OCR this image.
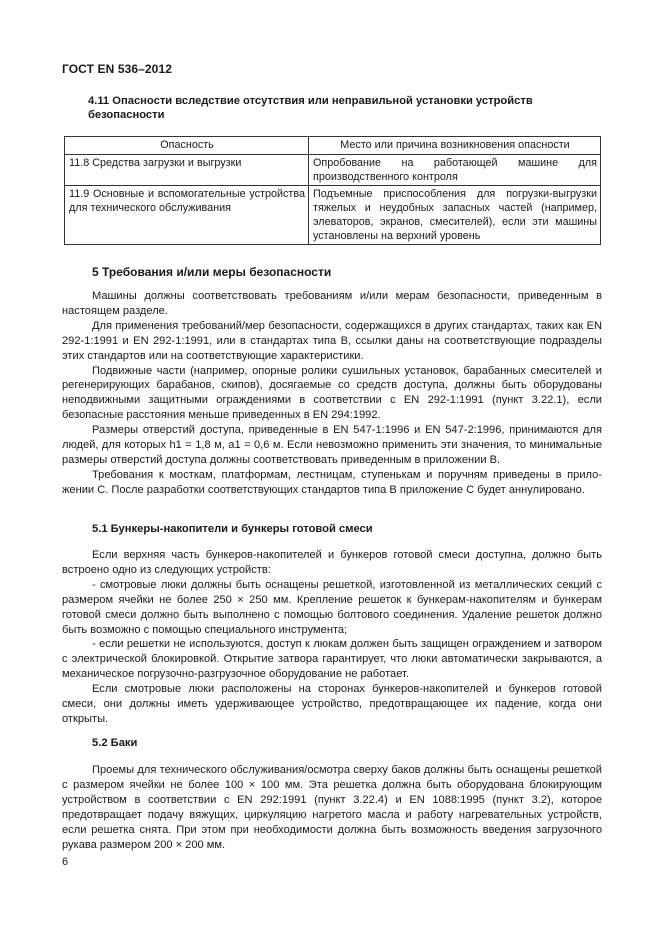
ГОСТ EN 536–2012
4.11 Опасности вследствие отсутствия или неправильной установки устройств безопасности
Опасность	Место или причина возникновения опасности
11.8 Средства загрузки и выгрузки	Опробование на работающей машине для производственного контроля
11.9 Основные и вспомогательные устройства для технического обслуживания	Подъемные приспособления для погрузки-выгрузки тяжелых и неудобных запасных частей (например, элеваторов, экранов, смесителей), если эти машины установлены на верхний уровень
5 Требования и/или меры безопасности

Машины должны соответствовать требованиям и/или мерам безопасности, приведенным в настоящем разделе.

Для применения требований/мер безопасности, содержащихся в других стандартах, таких как EN 292-1:1991 и EN 292-1:1991, или в стандартах типа В, ссылки даны на соответствующие подразделы этих стандартов или на соответствующие характеристики.

Подвижные части (например, опорные ролики сушильных установок, барабанных смесителей и регенерирующих барабанов, скипов), досягаемые со средств доступа, должны быть оборудованы неподвижными защитными ограждениями в соответствии с EN 292-1:1991 (пункт 3.22.1), если безопасные расстояния меньше приведенных в EN 294:1992.

Размеры отверстий доступа, приведенные в EN 547-1:1996 и EN 547-2:1996, принимаются для людей, для которых h1 = 1,8 м, a1 = 0,6 м. Если невозможно применить эти значения, то минимальные размеры отверстий доступа должны соответствовать приведенным в приложении В.

Требования к мосткам, платформам, лестницам, ступенькам и поручням приведены в прило-жении С. После разработки соответствующих стандартов типа В приложение С будет аннулировано.

5.1 Бункеры-накопители и бункеры готовой смеси

Если верхняя часть бункеров-накопителей и бункеров готовой смеси доступна, должно быть встроено одно из следующих устройств:

- смотровые люки должны быть оснащены решеткой, изготовленной из металлических секций с размером ячейки не более 250 × 250 мм. Крепление решеток к бункерам-накопителям и бункерам готовой смеси должно быть выполнено с помощью болтового соединения. Удаление решеток должно быть возможно с помощью специального инструмента;

- если решетки не используются, доступ к люкам должен быть защищен ограждением и затвором с электрической блокировкой. Открытие затвора гарантирует, что люки автоматически закрываются, а механическое погрузочно-разгрузочное оборудование не работает.

Если смотровые люки расположены на сторонах бункеров-накопителей и бункеров готовой смеси, они должны иметь удерживающее устройство, предотвращающее их падение, когда они открыты.

5.2 Баки

Проемы для технического обслуживания/осмотра сверху баков должны быть оснащены решеткой с размером ячейки не более 100 × 100 мм. Эта решетка должна быть оборудована блокирующим устройством в соответствии с EN 292:1991 (пункт 3.22.4) и EN 1088:1995 (пункт 3.2), которое предотвращает подачу вяжущих, циркуляцию нагретого масла и работу нагревательных устройств, если решетка снята. При этом при необходимости должна быть возможность введения загрузочного рукава размером 200 × 200 мм.

6
